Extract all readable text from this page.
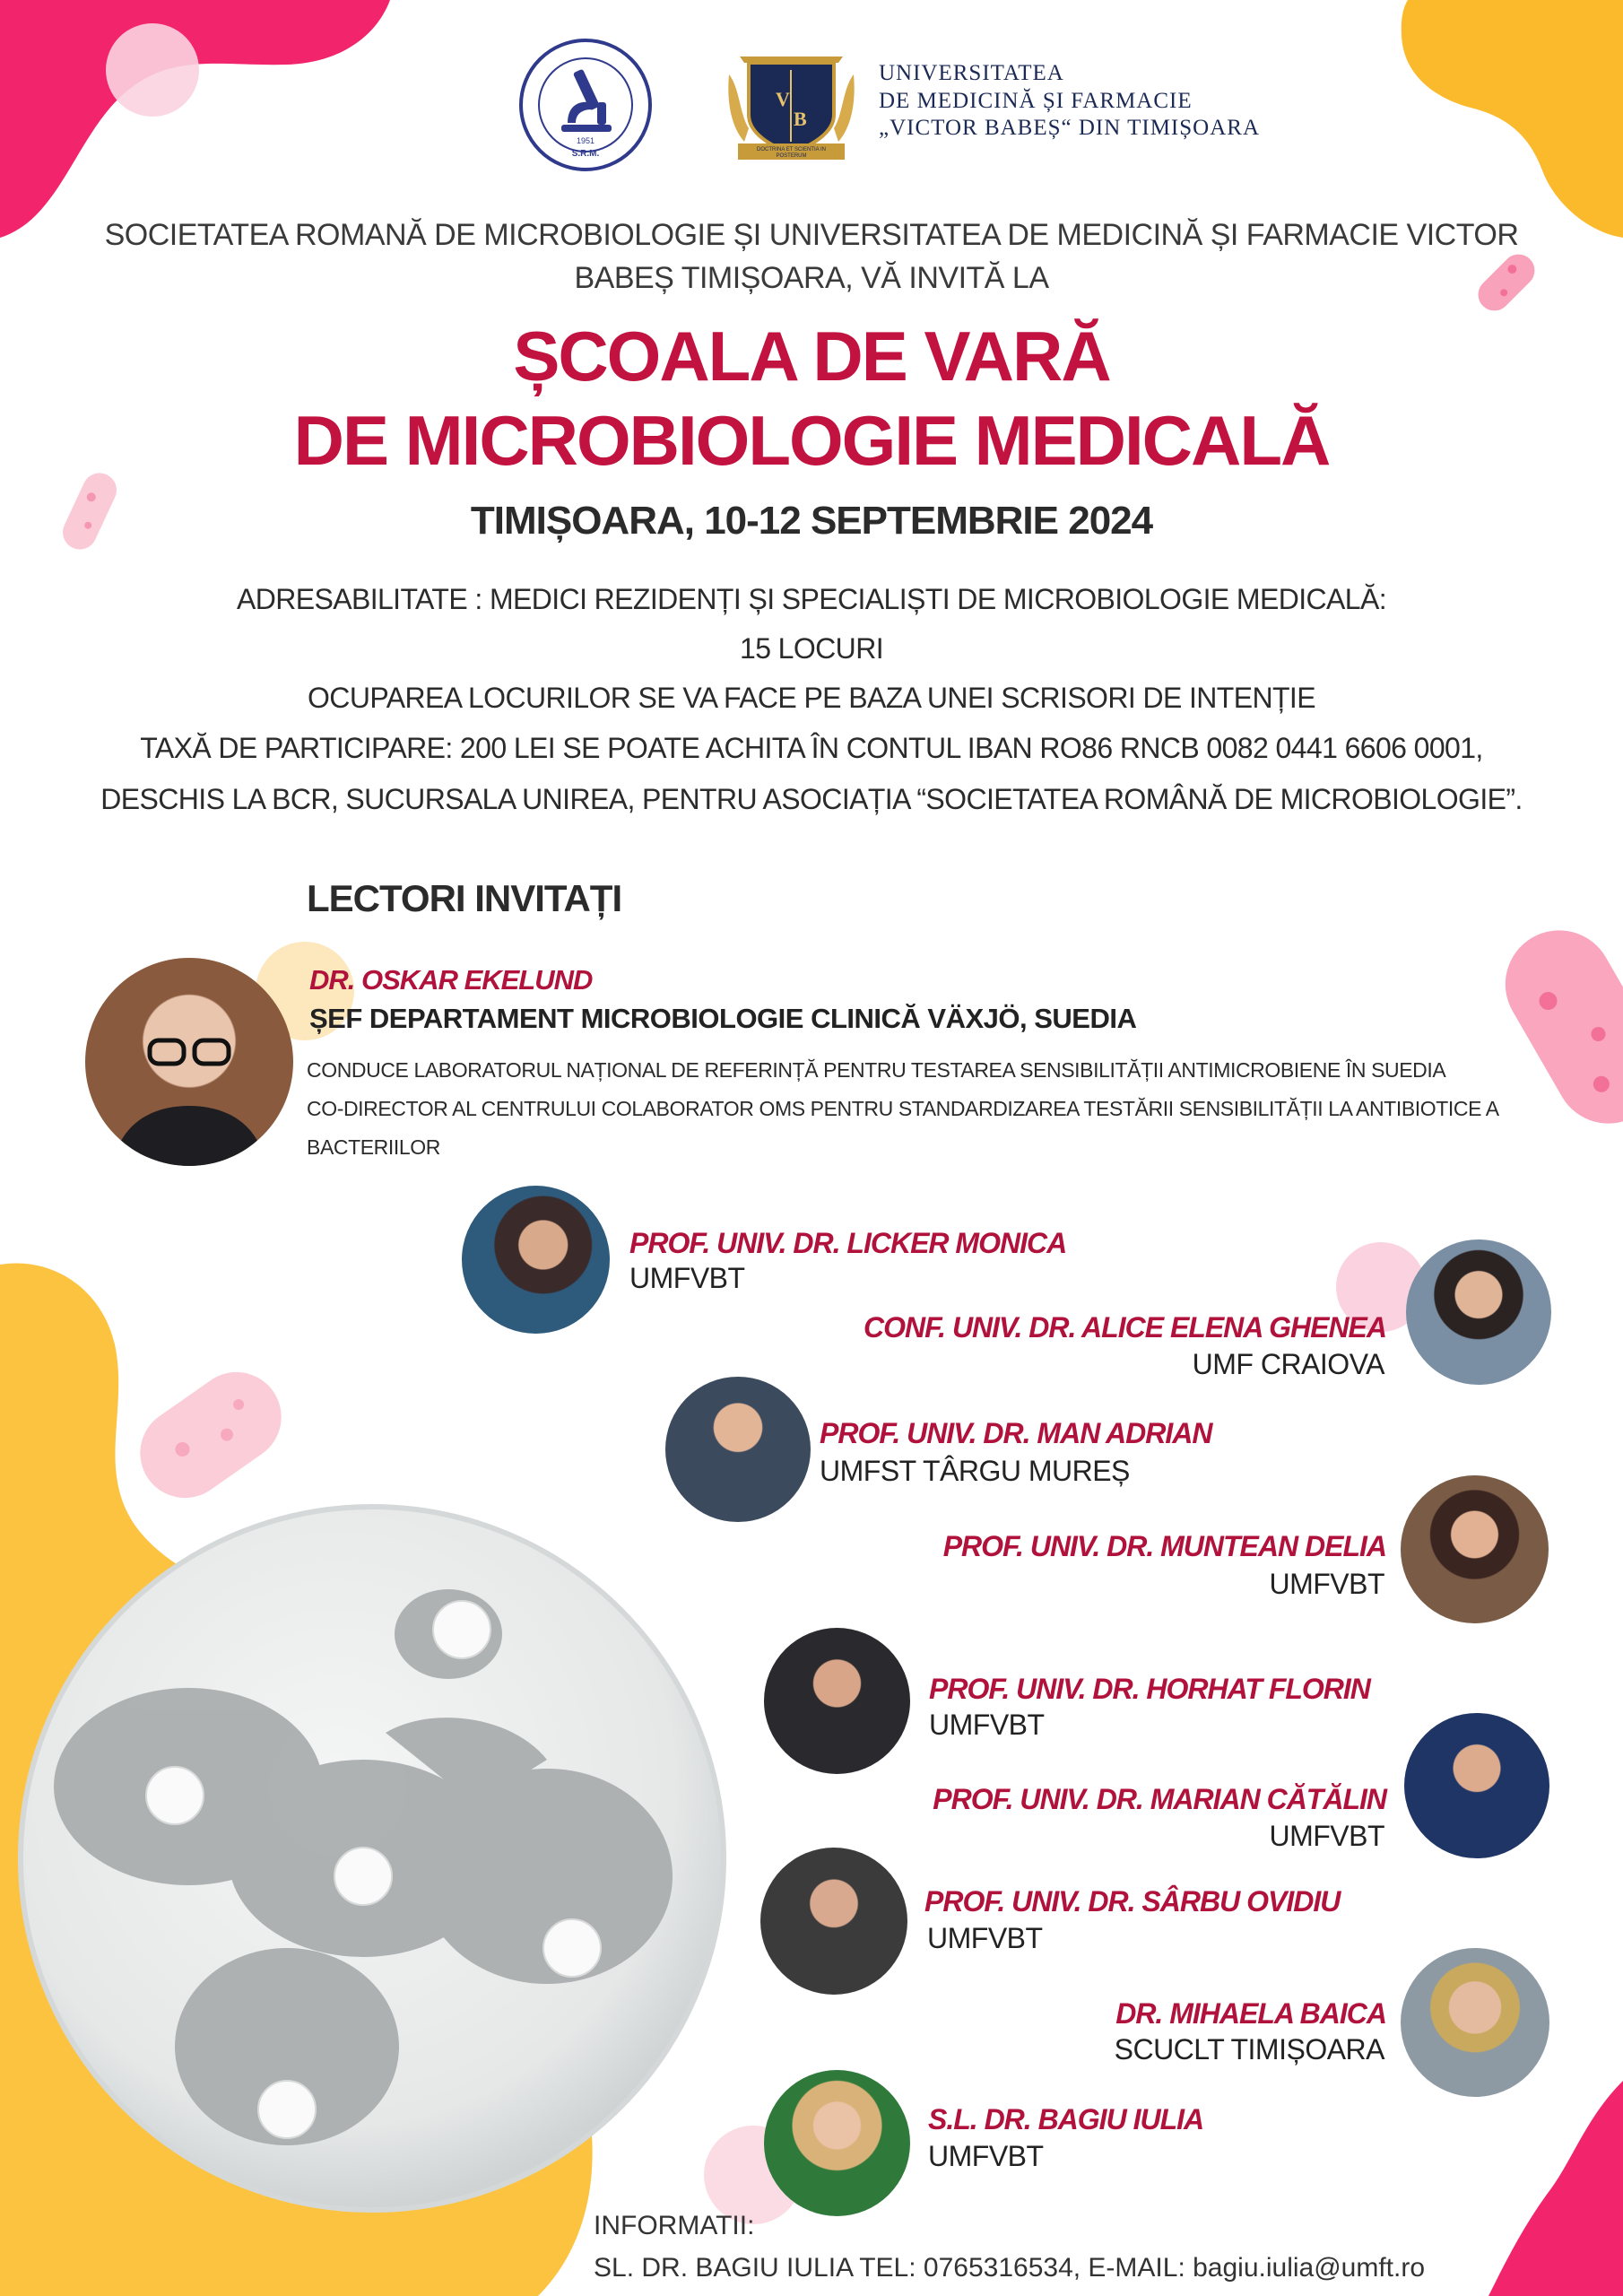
1951
S.R.M.
V
B
DOCTRINA ET SCIENTIA IN POSTERUM
UNIVERSITATEA
DE MEDICINĂ ȘI FARMACIE
„VICTOR BABEȘ“ DIN TIMIȘOARA
SOCIETATEA ROMANĂ DE MICROBIOLOGIE ȘI UNIVERSITATEA DE MEDICINĂ ȘI FARMACIE VICTOR
BABEȘ TIMIȘOARA, VĂ INVITĂ LA
ȘCOALA DE VARĂ
DE MICROBIOLOGIE MEDICALĂ
TIMIȘOARA, 10-12 SEPTEMBRIE 2024
ADRESABILITATE : MEDICI REZIDENȚI ȘI SPECIALIȘTI DE MICROBIOLOGIE MEDICALĂ:
15 LOCURI
OCUPAREA LOCURILOR SE VA FACE PE BAZA UNEI SCRISORI DE INTENȚIE
TAXĂ DE PARTICIPARE: 200 LEI SE POATE ACHITA ÎN CONTUL IBAN RO86 RNCB 0082 0441 6606 0001,
DESCHIS LA BCR, SUCURSALA UNIREA, PENTRU ASOCIAȚIA “SOCIETATEA ROMÂNĂ DE MICROBIOLOGIE”.
LECTORI INVITAȚI
DR. OSKAR EKELUND
ȘEF DEPARTAMENT MICROBIOLOGIE CLINICĂ VÄXJÖ, SUEDIA
CONDUCE LABORATORUL NAȚIONAL DE REFERINȚĂ PENTRU TESTAREA SENSIBILITĂȚII ANTIMICROBIENE ÎN SUEDIA
CO-DIRECTOR AL CENTRULUI COLABORATOR OMS PENTRU STANDARDIZAREA TESTĂRII SENSIBILITĂȚII LA ANTIBIOTICE A
BACTERIILOR
PROF. UNIV. DR. LICKER MONICA
UMFVBT
CONF. UNIV. DR. ALICE ELENA GHENEA
UMF CRAIOVA
PROF. UNIV. DR. MAN ADRIAN
UMFST TÂRGU MUREȘ
PROF. UNIV. DR. MUNTEAN DELIA
UMFVBT
PROF. UNIV. DR. HORHAT FLORIN
UMFVBT
PROF. UNIV. DR. MARIAN CĂTĂLIN
UMFVBT
PROF. UNIV. DR. SÂRBU OVIDIU
UMFVBT
DR. MIHAELA BAICA
SCUCLT TIMIȘOARA
S.L. DR. BAGIU IULIA
UMFVBT
INFORMATII:
SL. DR. BAGIU IULIA TEL: 0765316534, E-MAIL: bagiu.iulia@umft.ro
